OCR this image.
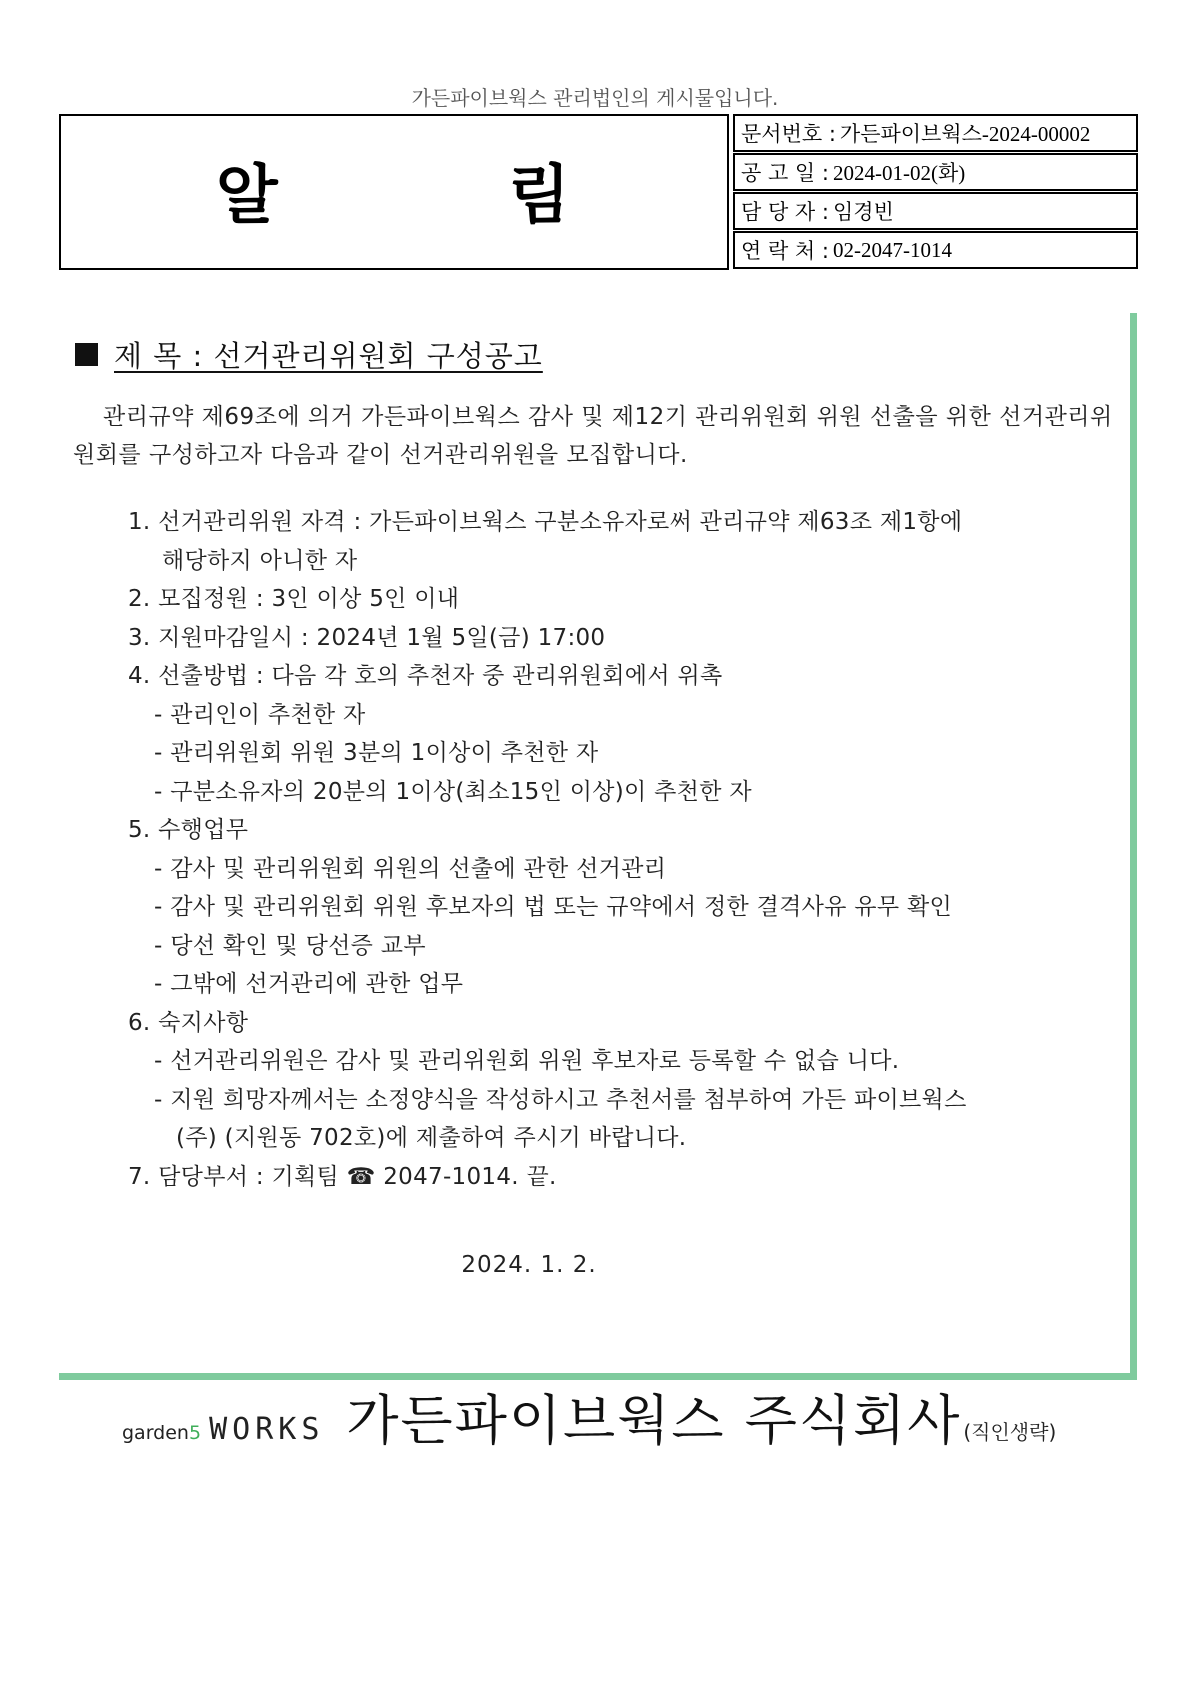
가든파이브웍스 관리법인의 게시물입니다.
알	림
문서번호 : 가든파이브웍스-2024-00002
공 고 일 : 2024-01-02(화)
담 당 자 : 임경빈
연 락 처 : 02-2047-1014
제 목 : 선거관리위원회 구성공고

관리규약 제69조에 의거 가든파이브웍스 감사 및 제12기 관리위원회 위원 선출을 위한 선거관리위원회를 구성하고자 다음과 같이 선거관리위원을 모집합니다.

1. 선거관리위원 자격 : 가든파이브웍스 구분소유자로써 관리규약 제63조 제1항에
해당하지 아니한 자
2. 모집정원 : 3인 이상 5인 이내
3. 지원마감일시 : 2024년 1월 5일(금) 17:00
4. 선출방법 : 다음 각 호의 추천자 중 관리위원회에서 위촉
- 관리인이 추천한 자
- 관리위원회 위원 3분의 1이상이 추천한 자
- 구분소유자의 20분의 1이상(최소15인 이상)이 추천한 자
5. 수행업무
- 감사 및 관리위원회 위원의 선출에 관한 선거관리
- 감사 및 관리위원회 위원 후보자의 법 또는 규약에서 정한 결격사유 유무 확인
- 당선 확인 및 당선증 교부
- 그밖에 선거관리에 관한 업무
6. 숙지사항
- 선거관리위원은 감사 및 관리위원회 위원 후보자로 등록할 수 없습 니다.
- 지원 희망자께서는 소정양식을 작성하시고 추천서를 첨부하여 가든 파이브웍스
(주) (지원동 702호)에 제출하여 주시기 바랍니다.
7. 담당부서 : 기획팀 ☎ 2047-1014. 끝.
2024. 1. 2.
garden 5 WORKS 가든파이브웍스 주식회사 (직인생략)
